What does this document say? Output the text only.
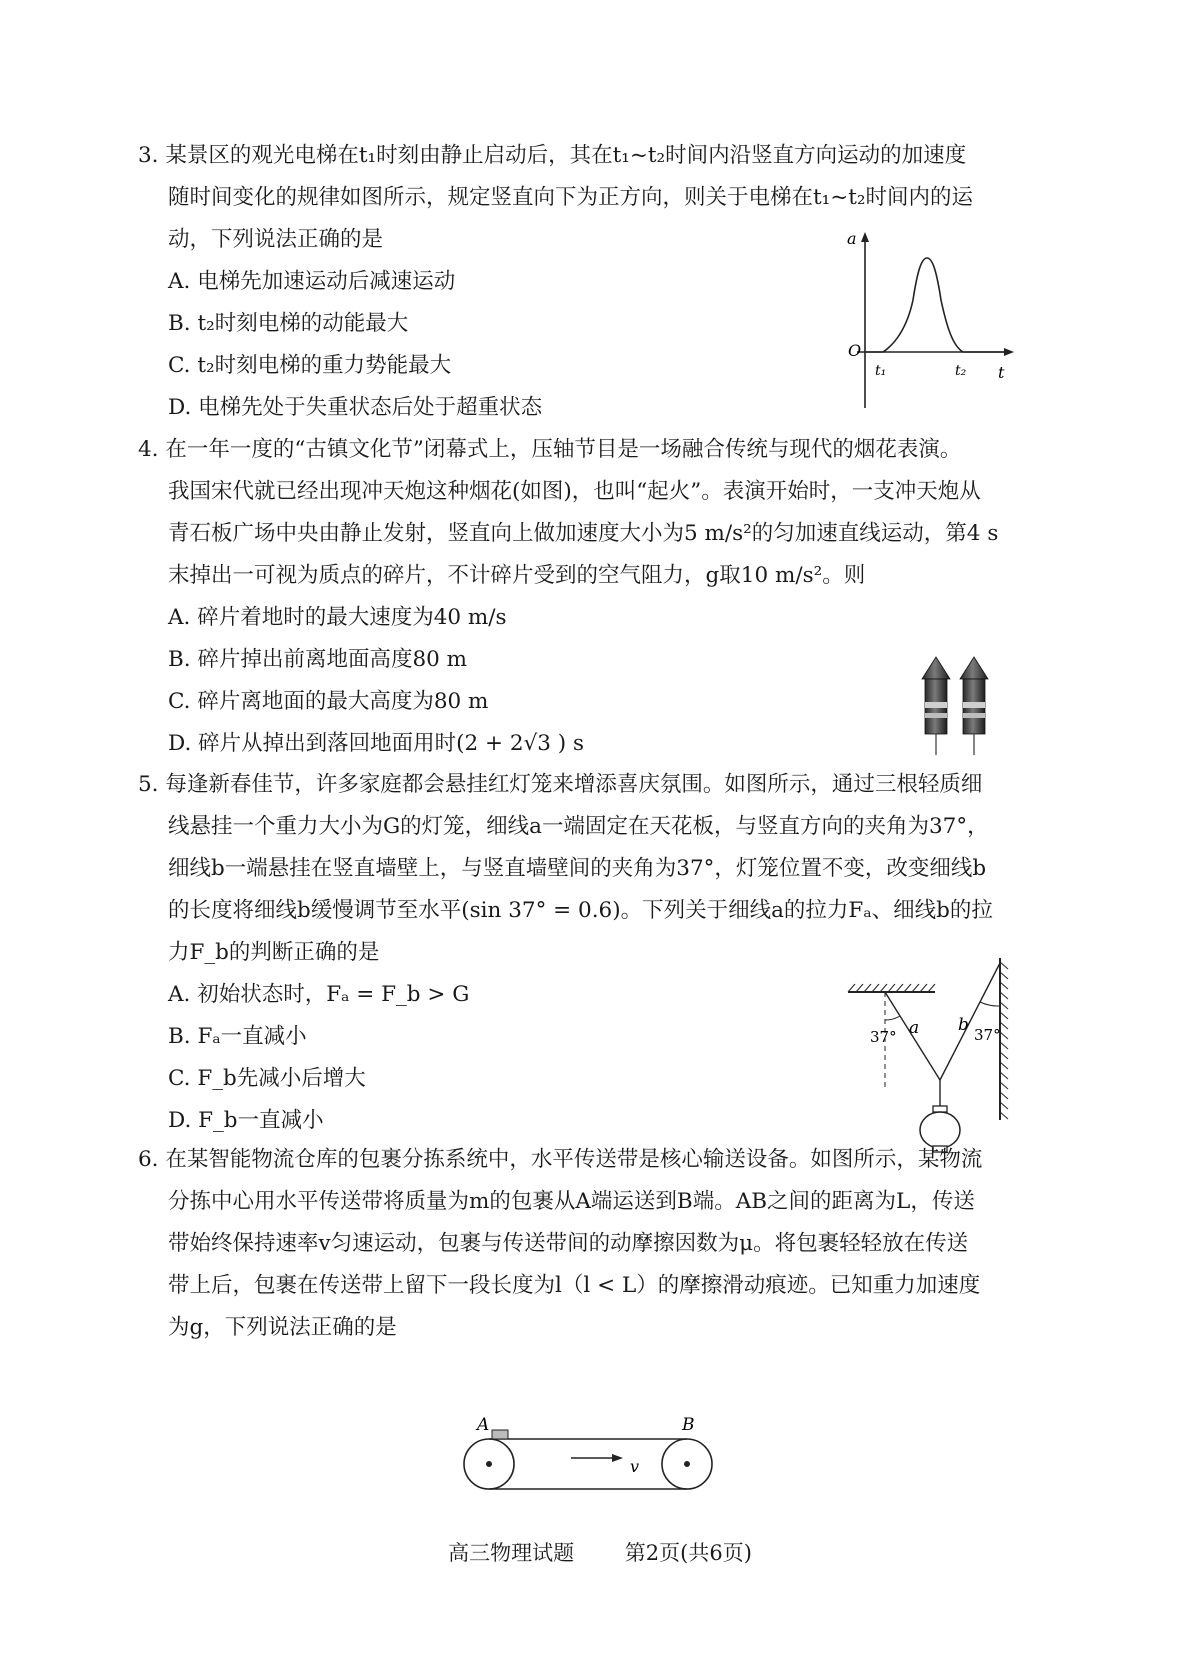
3. 某景区的观光电梯在t₁时刻由静止启动后，其在t₁~t₂时间内沿竖直方向运动的加速度

随时间变化的规律如图所示，规定竖直向下为正方向，则关于电梯在t₁~t₂时间内的运

动，下列说法正确的是

A. 电梯先加速运动后减速运动

B. t₂时刻电梯的动能最大

C. t₂时刻电梯的重力势能最大

D. 电梯先处于失重状态后处于超重状态

a
O
t
t₁	t₂

4. 在一年一度的“古镇文化节”闭幕式上，压轴节目是一场融合传统与现代的烟花表演。

我国宋代就已经出现冲天炮这种烟花(如图)，也叫“起火”。表演开始时，一支冲天炮从

青石板广场中央由静止发射，竖直向上做加速度大小为5 m/s²的匀加速直线运动，第4 s

末掉出一可视为质点的碎片，不计碎片受到的空气阻力，g取10 m/s²。则

A. 碎片着地时的最大速度为40 m/s

B. 碎片掉出前离地面高度80 m

C. 碎片离地面的最大高度为80 m

D. 碎片从掉出到落回地面用时(2 + 2√3 ) s

5. 每逢新春佳节，许多家庭都会悬挂红灯笼来增添喜庆氛围。如图所示，通过三根轻质细

线悬挂一个重力大小为G的灯笼，细线a一端固定在天花板，与竖直方向的夹角为37°，

细线b一端悬挂在竖直墙壁上，与竖直墙壁间的夹角为37°，灯笼位置不变，改变细线b

的长度将细线b缓慢调节至水平(sin 37° = 0.6)。下列关于细线a的拉力Fₐ、细线b的拉

力F_b的判断正确的是

A. 初始状态时，Fₐ = F_b > G

B. Fₐ一直减小

C. F_b先减小后增大

D. F_b一直减小

a b
37°	37°

6. 在某智能物流仓库的包裹分拣系统中，水平传送带是核心输送设备。如图所示，某物流

分拣中心用水平传送带将质量为m的包裹从A端运送到B端。AB之间的距离为L，传送

带始终保持速率v匀速运动，包裹与传送带间的动摩擦因数为μ。将包裹轻轻放在传送

带上后，包裹在传送带上留下一段长度为l（l < L）的摩擦滑动痕迹。已知重力加速度

为g，下列说法正确的是

A	B
v
高三物理试题 第2页(共6页)
